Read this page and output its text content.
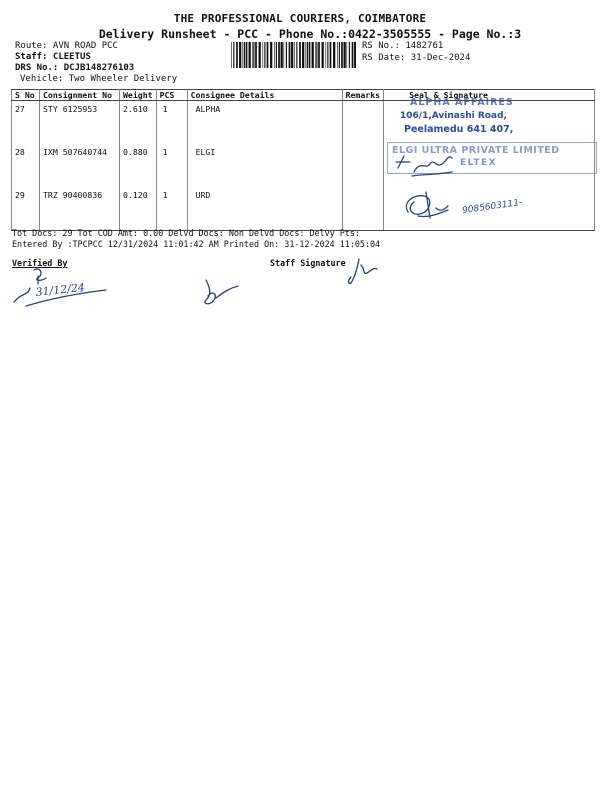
THE PROFESSIONAL COURIERS, COIMBATORE
Delivery Runsheet - PCC - Phone No.:0422-3505555 - Page No.:3
Route: AVN ROAD PCC
Staff: CLEETUS
DRS No.: DCJB148276103
Vehicle: Two Wheeler Delivery
RS No.: 1482761
RS Date: 31-Dec-2024
S No	Consignment No	Weight	PCS	Consignee Details	Remarks	Seal & Signature
27	STY 6125953	2.610	1	ALPHA		
28	IXM 507640744	0.880	1	ELGI		
29	TRZ 90400836	0.120	1	URD		
ALPHA AFFAIRES
106/1,Avinashi Road,
Peelamedu 641 407,
ELGI ULTRA PRIVATE LIMITED
ELTEX
9085603111-
Tot Docs: 29 Tot COD Amt: 0.00 Delvd Docs: Non Delvd Docs: Delvy Pts:
Entered By :TPCPCC 12/31/2024 11:01:42 AM Printed On: 31-12-2024 11:05:04
Verified By	Staff Signature
31/12/24
